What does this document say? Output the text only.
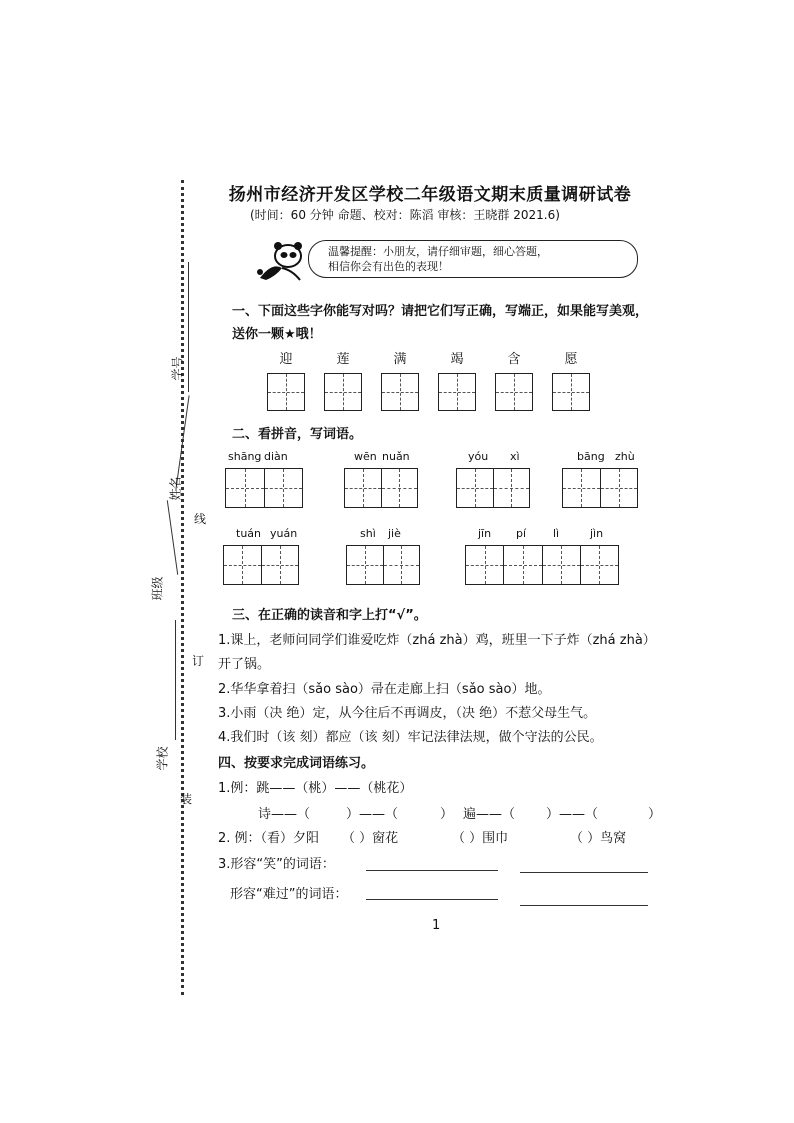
学号
姓名
线
班级
订
学校
装
扬州市经济开发区学校二年级语文期末质量调研试卷
(时间：60 分钟 命题、校对：陈滔 审核：王晓群 2021.6)
温馨提醒：小朋友，请仔细审题，细心答题，
相信你会有出色的表现！
一、下面这些字你能写对吗？请把它们写正确，写端正，如果能写美观，
送你一颗★哦！
迎	莲	满	竭	含	愿
二、看拼音，写词语。
shāng diàn	wēn nuǎn	yóu xì	bāng zhù
tuán yuán	shì jiè	jīn pí lì	jìn
三、在正确的读音和字上打“√”。
1.课上，老师问同学们谁爱吃炸（zhá zhà）鸡，班里一下子炸（zhá zhà）
开了锅。
2.华华拿着扫（sǎo sào）帚在走廊上扫（sǎo sào）地。
3.小雨（决 绝）定，从今往后不再调皮，（决 绝）不惹父母生气。
4.我们时（该 刻）都应（该 刻）牢记法律法规，做个守法的公民。
四、按要求完成词语练习。
1.例：跳——（桃）——（桃花）
诗——（	）——（	） 遍——（ ）——（	）
2. 例：（看）夕阳 （ ）窗花	（ ）围巾	（ ）鸟窝
3.形容“笑”的词语：
形容“难过”的词语：
1
